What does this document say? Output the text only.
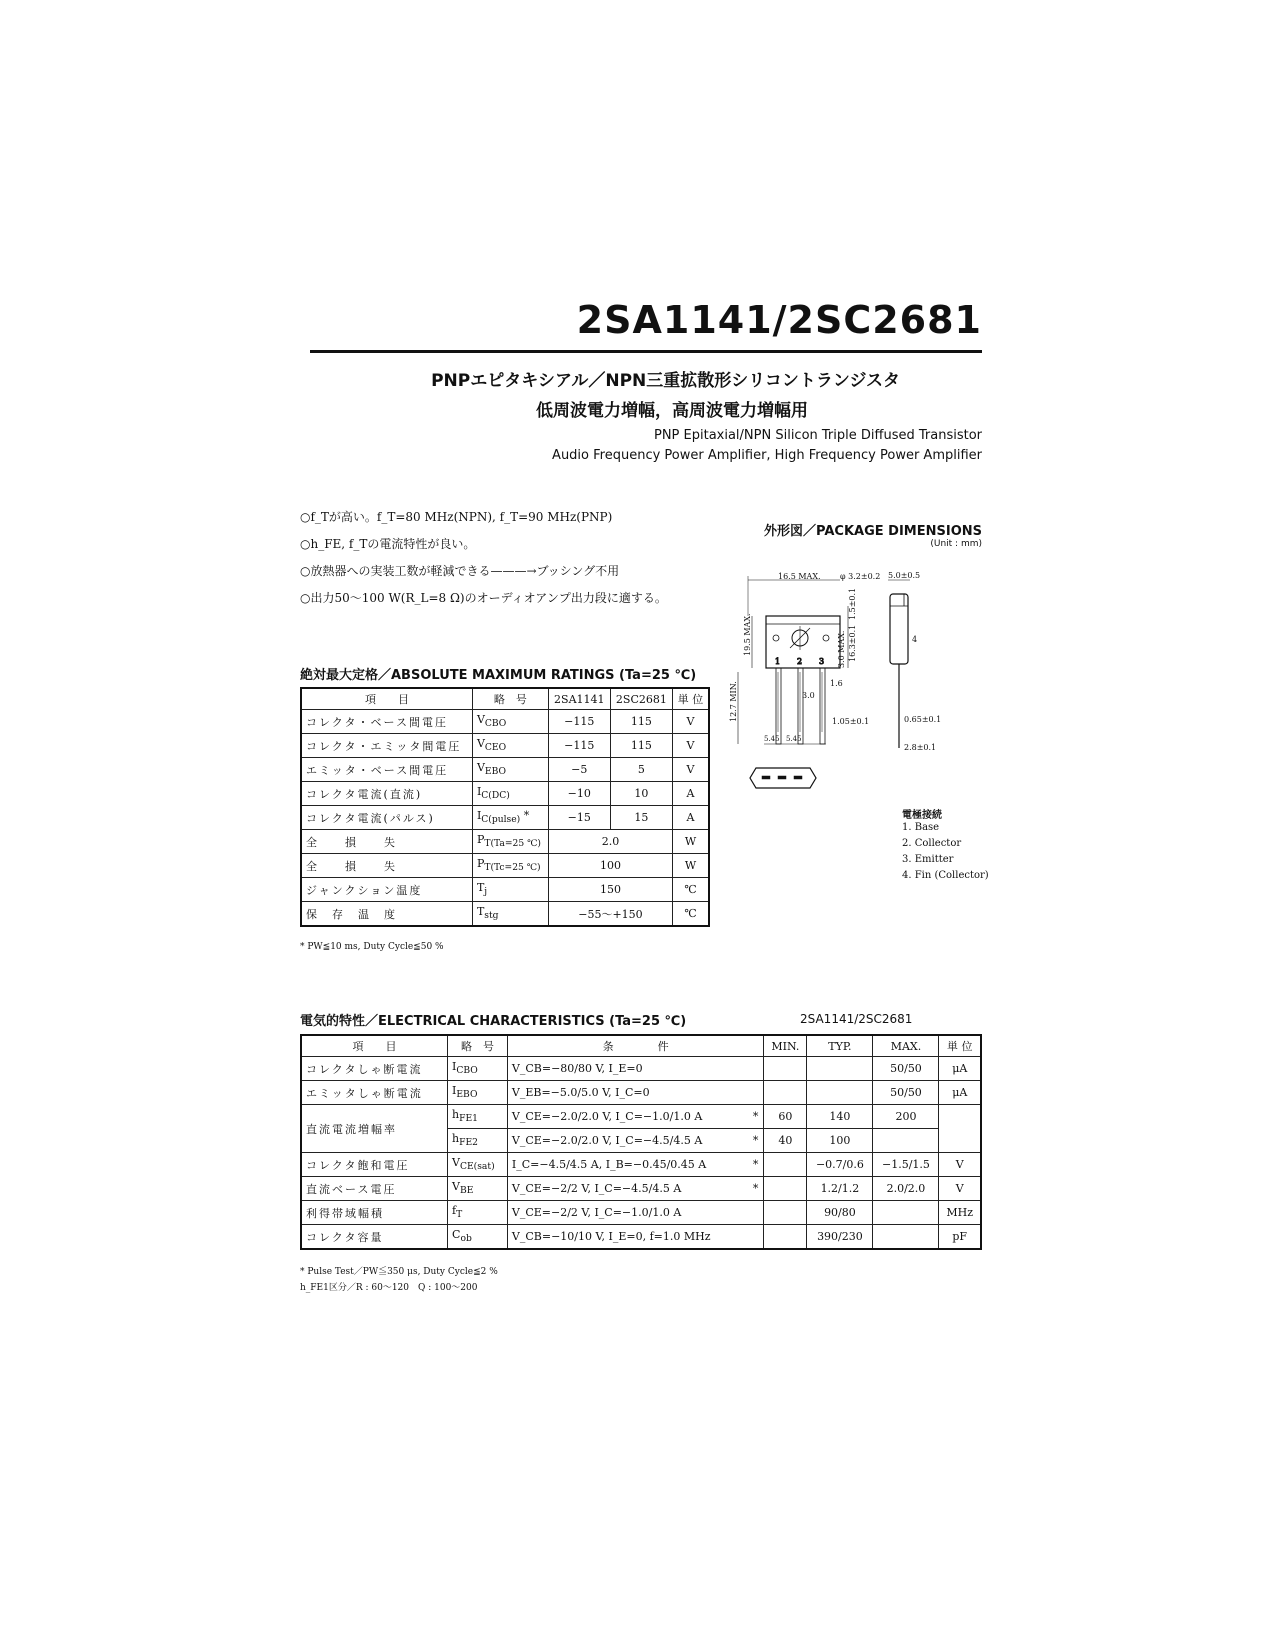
2SA1141/2SC2681
PNPエピタキシアル／NPN三重拡散形シリコントランジスタ
低周波電力増幅，高周波電力増幅用
PNP Epitaxial/NPN Silicon Triple Diffused Transistor
Audio Frequency Power Amplifier, High Frequency Power Amplifier
○f_Tが高い。f_T=80 MHz(NPN), f_T=90 MHz(PNP)
○h_FE, f_Tの電流特性が良い。
○放熱器への実装工数が軽減できる———→ブッシング不用
○出力50～100 W(R_L=8 Ω)のオーディオアンプ出力段に適する。
外形図／PACKAGE DIMENSIONS
(Unit : mm)
1 2 3
16.5 MAX. φ 3.2±0.2
19.5 MAX.
12.7 MIN.
1.5±0.1
16.3±0.1
3.0 MAX.
1.6
3.0
1.05±0.1
5.45 5.45
5.0±0.5
4
0.65±0.1
2.8±0.1
電極接続
1. Base
2. Collector
3. Emitter
4. Fin (Collector)
絶対最大定格／ABSOLUTE MAXIMUM RATINGS (Ta=25 ℃)
項　　目	略　号	2SA1141	2SC2681	単 位
コレクタ・ベース間電圧	$V_{CBO}$	−115	115	V
コレクタ・エミッタ間電圧	$V_{CEO}$	−115	115	V
エミッタ・ベース間電圧	$V_{EBO}$	−5	5	V
コレクタ電流(直流)	$I_{C(DC)}$	−10	10	A
コレクタ電流(パルス)	$I_{C(pulse)}$ *	−15	15	A
全　　損　　失	$P_{T(Ta=25 ℃)}$	2.0		W
全　　損　　失	$P_{T(Tc=25 ℃)}$	100		W
ジャンクション温度	$T_j$	150		℃
保　存　温　度	$T_{stg}$	−55～+150		℃
* PW≦10 ms, Duty Cycle≦50 %
電気的特性／ELECTRICAL CHARACTERISTICS (Ta=25 ℃)	2SA1141/2SC2681
項　　目	略　号	条　　　　件		MIN.	TYP.	MAX.	単 位
コレクタしゃ断電流	$I_{CBO}$	V_CB=−80/80 V, I_E=0				50/50	μA
エミッタしゃ断電流	$I_{EBO}$	V_EB=−5.0/5.0 V, I_C=0				50/50	μA
直流電流増幅率	$h_{FE1}$	V_CE=−2.0/2.0 V, I_C=−1.0/1.0 A	*	60	140	200	
	$h_{FE2}$	V_CE=−2.0/2.0 V, I_C=−4.5/4.5 A	*	40	100		
コレクタ飽和電圧	$V_{CE(sat)}$	I_C=−4.5/4.5 A, I_B=−0.45/0.45 A	*		−0.7/0.6	−1.5/1.5	V
直流ベース電圧	$V_{BE}$	V_CE=−2/2 V, I_C=−4.5/4.5 A	*		1.2/1.2	2.0/2.0	V
利得帯域幅積	$f_T$	V_CE=−2/2 V, I_C=−1.0/1.0 A			90/80		MHz
コレクタ容量	$C_{ob}$	V_CB=−10/10 V, I_E=0, f=1.0 MHz			390/230		pF
* Pulse Test／PW≦350 μs, Duty Cycle≦2 %
h_FE1区分／R : 60～120　Q : 100～200
